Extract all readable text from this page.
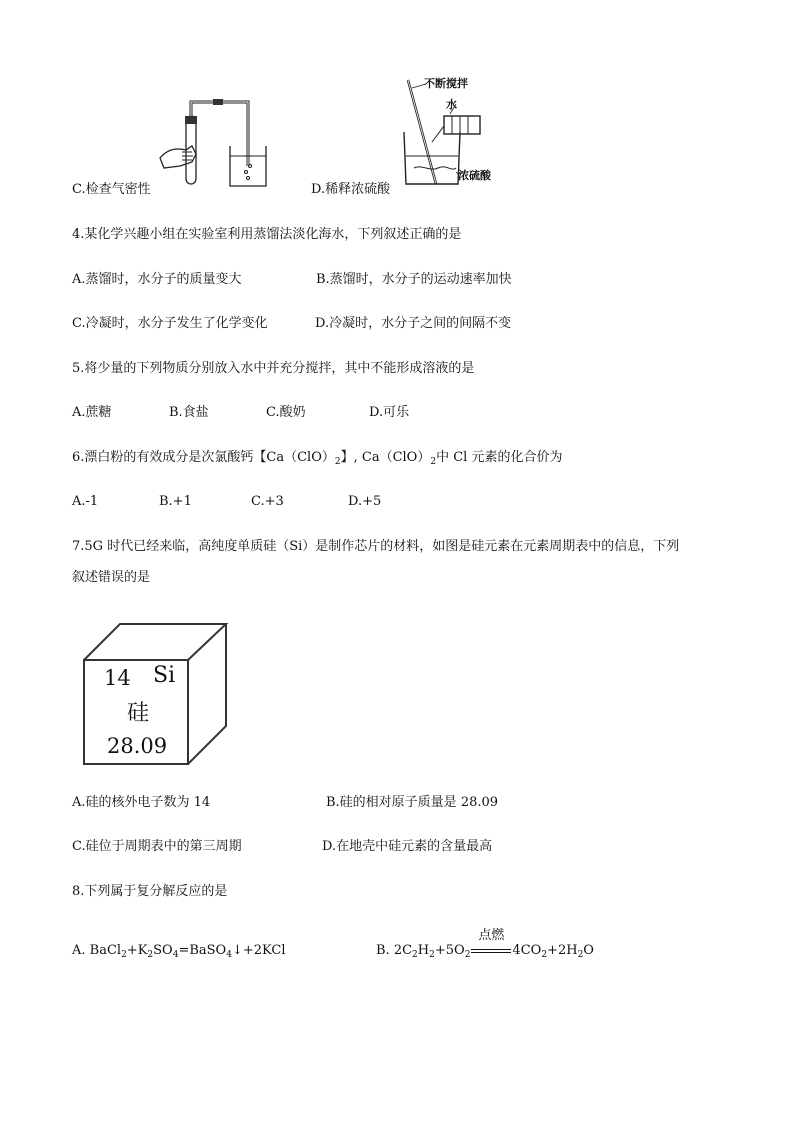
C.检查气密性
不断搅拌
水
浓硫酸
D.稀释浓硫酸
4.某化学兴趣小组在实验室利用蒸馏法淡化海水，下列叙述正确的是
A.蒸馏时，水分子的质量变大	B.蒸馏时，水分子的运动速率加快
C.冷凝时，水分子发生了化学变化	D.冷凝时，水分子之间的间隔不变
5.将少量的下列物质分别放入水中并充分搅拌，其中不能形成溶液的是
A.蔗糖	B.食盐	C.酸奶	D.可乐
6.漂白粉的有效成分是次氯酸钙【$Ca(ClO)_2$】, $Ca(ClO)_2$中 Cl 元素的化合价为
A.-1	B.+1	C.+3	D.+5
7.5G 时代已经来临，高纯度单质硅（Si）是制作芯片的材料，如图是硅元素在元素周期表中的信息，下列
叙述错误的是
14 Si
硅
28.09
A.硅的核外电子数为 14	B.硅的相对原子质量是 28.09
C.硅位于周期表中的第三周期	D.在地壳中硅元素的含量最高
8.下列属于复分解反应的是
A. $BaCl_2+K_2SO_4=BaSO_4↓+2KCl$	B. $2C_2H_2+5O_2$
点燃
$4CO_2+2H_2O$
